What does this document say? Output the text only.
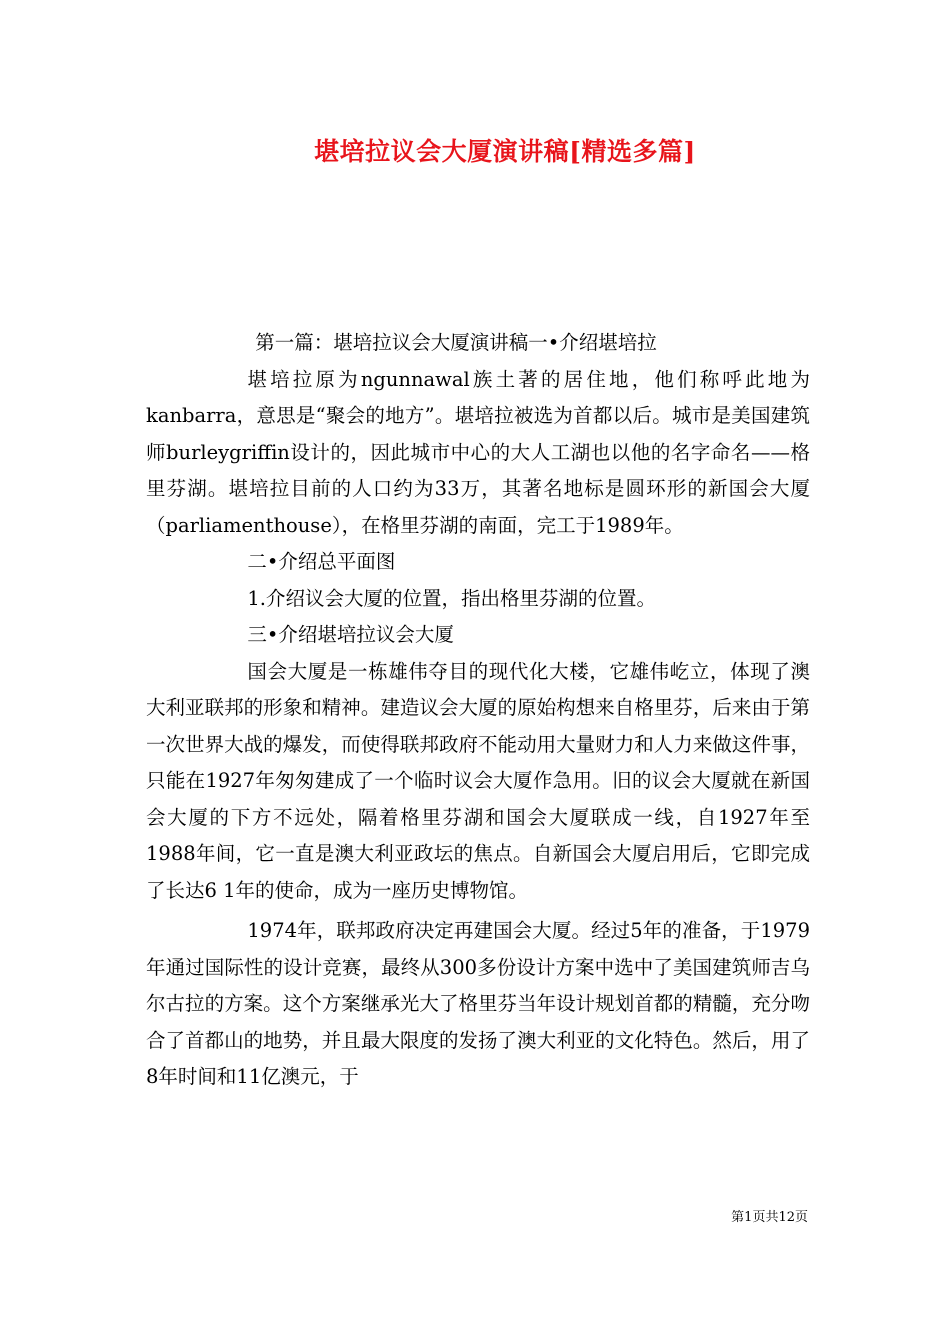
堪培拉议会大厦演讲稿[精选多篇]

第一篇：堪培拉议会大厦演讲稿一•介绍堪培拉

堪培拉原为ngunnawal族土著的居住地，他们称呼此地为kanbarra，意思是“聚会的地方”。堪培拉被选为首都以后。城市是美国建筑师burleygriffin设计的，因此城市中心的大人工湖也以他的名字命名——格里芬湖。堪培拉目前的人口约为33万，其著名地标是圆环形的新国会大厦（parliamenthouse），在格里芬湖的南面，完工于1989年。

二•介绍总平面图

1.介绍议会大厦的位置，指出格里芬湖的位置。

三•介绍堪培拉议会大厦

国会大厦是一栋雄伟夺目的现代化大楼，它雄伟屹立，体现了澳大利亚联邦的形象和精神。建造议会大厦的原始构想来自格里芬，后来由于第一次世界大战的爆发，而使得联邦政府不能动用大量财力和人力来做这件事，只能在1927年匆匆建成了一个临时议会大厦作急用。旧的议会大厦就在新国会大厦的下方不远处，隔着格里芬湖和国会大厦联成一线，自1927年至1988年间，它一直是澳大利亚政坛的焦点。自新国会大厦启用后，它即完成了长达6 1年的使命，成为一座历史博物馆。

1974年，联邦政府决定再建国会大厦。经过5年的准备，于1979年通过国际性的设计竞赛，最终从300多份设计方案中选中了美国建筑师吉乌尔古拉的方案。这个方案继承光大了格里芬当年设计规划首都的精髓，充分吻合了首都山的地势，并且最大限度的发扬了澳大利亚的文化特色。然后，用了8年时间和11亿澳元，于

第1页共12页
